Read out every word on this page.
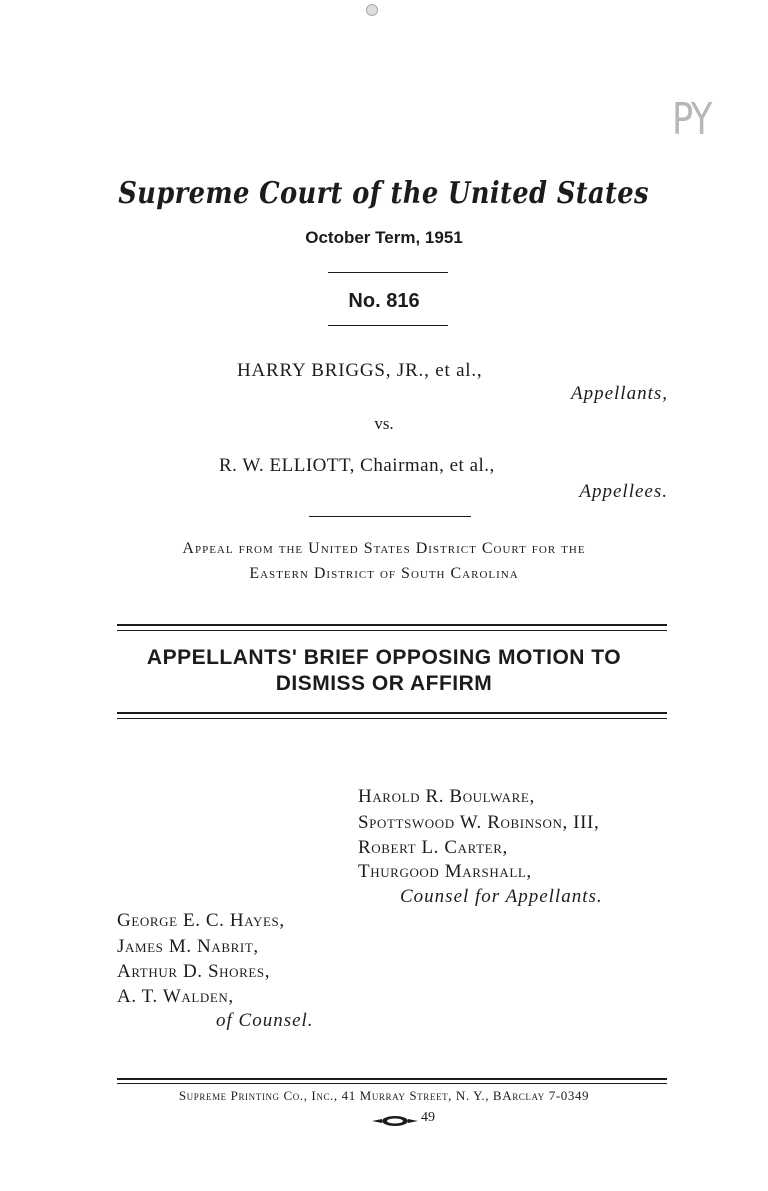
PY
Supreme Court of the United States
October Term, 1951
No. 816
HARRY BRIGGS, JR., et al.,
Appellants,
vs.
R. W. ELLIOTT, Chairman, et al.,
Appellees.
Appeal from the United States District Court for the
Eastern District of South Carolina
APPELLANTS' BRIEF OPPOSING MOTION TO
DISMISS OR AFFIRM
Harold R. Boulware,
Spottswood W. Robinson, III,
Robert L. Carter,
Thurgood Marshall,
Counsel for Appellants.
George E. C. Hayes,
James M. Nabrit,
Arthur D. Shores,
A. T. Walden,
of Counsel.
Supreme Printing Co., Inc., 41 Murray Street, N. Y., BArclay 7-0349
49
